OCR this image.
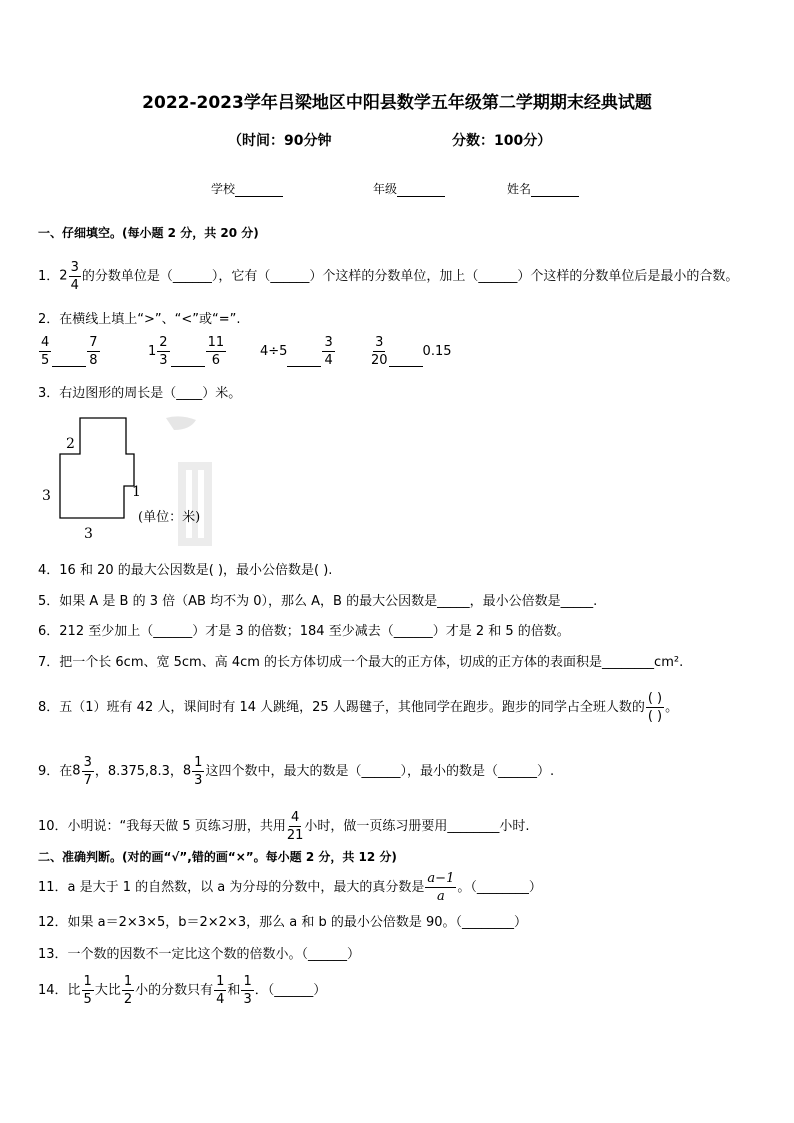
2022-2023学年吕梁地区中阳县数学五年级第二学期期末经典试题
（时间：90分钟	分数：100分）
学校	年级	姓名
一、仔细填空。(每小题 2 分，共 20 分)
1．$2 \frac{3}{4}$ 的分数单位是（______），它有（______）个这样的分数单位，加上（______）个这样的分数单位后是最小的合数。
2．在横线上填上“>”、“<”或“=”.
$\frac{4}{5}$	$\frac{7}{8}$	$1 \frac{2}{3}$	$\frac{11}{6}$	4÷5	$\frac{3}{4}$	$\frac{3}{20}$	0.15
3．右边图形的周长是（____）米。
2
1
3
3
(单位：米)
4．16 和 20 的最大公因数是( )，最小公倍数是( ).
5．如果 A 是 B 的 3 倍（AB 均不为 0），那么 A，B 的最大公因数是_____，最小公倍数是_____.
6．212 至少加上（______）才是 3 的倍数；184 至少减去（______）才是 2 和 5 的倍数。
7．把一个长 6cm、宽 5cm、高 4cm 的长方体切成一个最大的正方体，切成的正方体的表面积是________cm².
8．五（1）班有 42 人，课间时有 14 人跳绳，25 人踢毽子，其他同学在跑步。跑步的同学占全班人数的 $\frac{( )}{( )}$ 。
9．在$8 \frac{3}{7}$ ，8.375,8.3，$8 \frac{1}{3}$ 这四个数中，最大的数是（______），最小的数是（______）.
10．小明说：“我每天做 5 页练习册，共用 $\frac{4}{21}$ 小时，做一页练习册要用________小时.
二、准确判断。(对的画“√”,错的画“×”。每小题 2 分，共 12 分)
11．a 是大于 1 的自然数，以 a 为分母的分数中，最大的真分数是 $\frac{a-1}{a}$ 。（________）
12．如果 a＝2×3×5，b＝2×2×3，那么 a 和 b 的最小公倍数是 90。（________）
13．一个数的因数不一定比这个数的倍数小。（______）
14．比 $\frac{1}{5}$ 大比 $\frac{1}{2}$ 小的分数只有 $\frac{1}{4}$ 和 $\frac{1}{3}$ ．（______）
